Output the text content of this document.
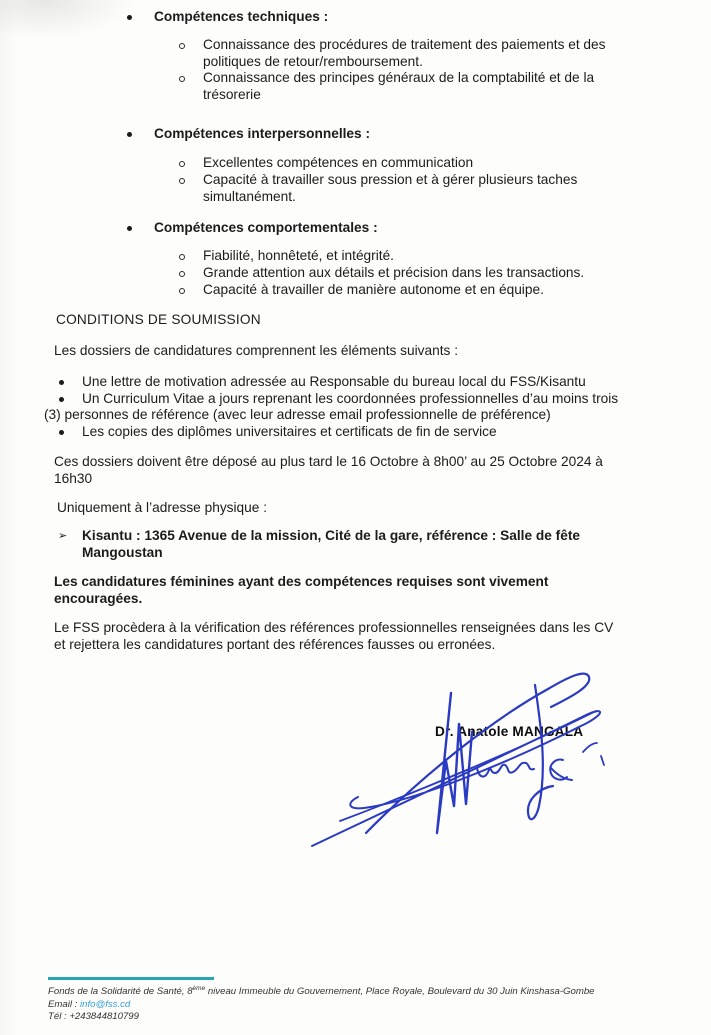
Compétences techniques :
Connaissance des procédures de traitement des paiements et des
politiques de retour/remboursement.
Connaissance des principes généraux de la comptabilité et de la
trésorerie
Compétences interpersonnelles :
Excellentes compétences en communication
Capacité à travailler sous pression et à gérer plusieurs taches
simultanément.
Compétences comportementales :
Fiabilité, honnêteté, et intégrité.
Grande attention aux détails et précision dans les transactions.
Capacité à travailler de manière autonome et en équipe.
CONDITIONS DE SOUMISSION
Les dossiers de candidatures comprennent les éléments suivants :
Une lettre de motivation adressée au Responsable du bureau local du FSS/Kisantu
Un Curriculum Vitae a jours reprenant les coordonnées professionnelles d’au moins trois
(3) personnes de référence (avec leur adresse email professionnelle de préférence)
Les copies des diplômes universitaires et certificats de fin de service
Ces dossiers doivent être déposé au plus tard le 16 Octobre à 8h00’ au 25 Octobre 2024 à
16h30
Uniquement à l’adresse physique :
➢ Kisantu : 1365 Avenue de la mission, Cité de la gare, référence : Salle de fête
Mangoustan
Les candidatures féminines ayant des compétences requises sont vivement
encouragées.
Le FSS procèdera à la vérification des références professionnelles renseignées dans les CV
et rejettera les candidatures portant des références fausses ou erronées.
Dr. Anatole MANGALA
Fonds de la Solidarité de Santé, 8ème niveau Immeuble du Gouvernement, Place Royale, Boulevard du 30 Juin Kinshasa-Gombe
Email : info@fss.cd
Tél : +243844810799
